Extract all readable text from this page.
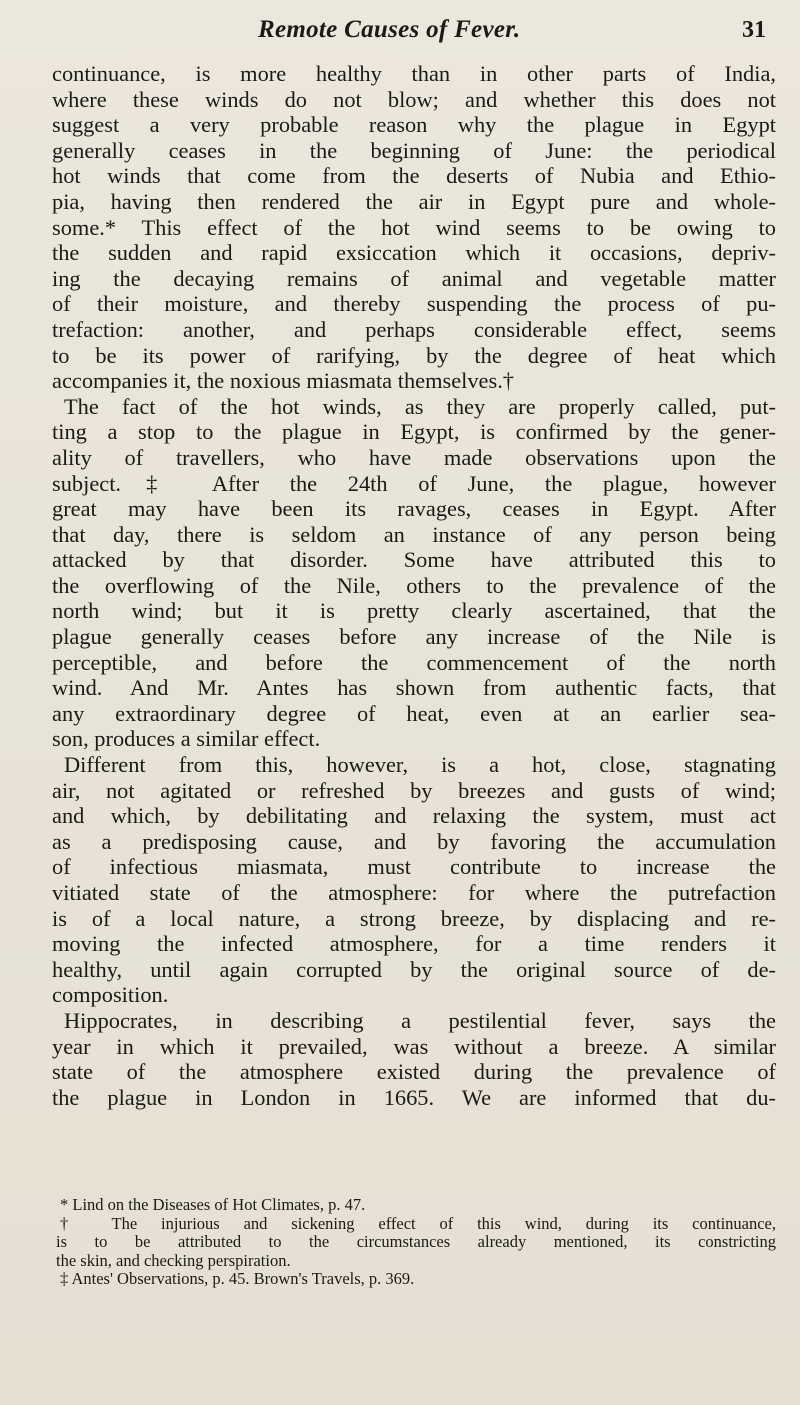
Remote Causes of Fever.	31
continuance, is more healthy than in other parts of India,
where these winds do not blow; and whether this does not
suggest a very probable reason why the plague in Egypt
generally ceases in the beginning of June: the periodical
hot winds that come from the deserts of Nubia and Ethio-
pia, having then rendered the air in Egypt pure and whole-
some.* This effect of the hot wind seems to be owing to
the sudden and rapid exsiccation which it occasions, depriv-
ing the decaying remains of animal and vegetable matter
of their moisture, and thereby suspending the process of pu-
trefaction: another, and perhaps considerable effect, seems
to be its power of rarifying, by the degree of heat which
accompanies it, the noxious miasmata themselves.†
The fact of the hot winds, as they are properly called, put-
ting a stop to the plague in Egypt, is confirmed by the gener-
ality of travellers, who have made observations upon the
subject.‡ After the 24th of June, the plague, however
great may have been its ravages, ceases in Egypt. After
that day, there is seldom an instance of any person being
attacked by that disorder. Some have attributed this to
the overflowing of the Nile, others to the prevalence of the
north wind; but it is pretty clearly ascertained, that the
plague generally ceases before any increase of the Nile is
perceptible, and before the commencement of the north
wind. And Mr. Antes has shown from authentic facts, that
any extraordinary degree of heat, even at an earlier sea-
son, produces a similar effect.
Different from this, however, is a hot, close, stagnating
air, not agitated or refreshed by breezes and gusts of wind;
and which, by debilitating and relaxing the system, must act
as a predisposing cause, and by favoring the accumulation
of infectious miasmata, must contribute to increase the
vitiated state of the atmosphere: for where the putrefaction
is of a local nature, a strong breeze, by displacing and re-
moving the infected atmosphere, for a time renders it
healthy, until again corrupted by the original source of de-
composition.
Hippocrates, in describing a pestilential fever, says the
year in which it prevailed, was without a breeze. A similar
state of the atmosphere existed during the prevalence of
the plague in London in 1665. We are informed that du-
* Lind on the Diseases of Hot Climates, p. 47.
† The injurious and sickening effect of this wind, during its continuance,
is to be attributed to the circumstances already mentioned, its constricting
the skin, and checking perspiration.
‡ Antes' Observations, p. 45. Brown's Travels, p. 369.
